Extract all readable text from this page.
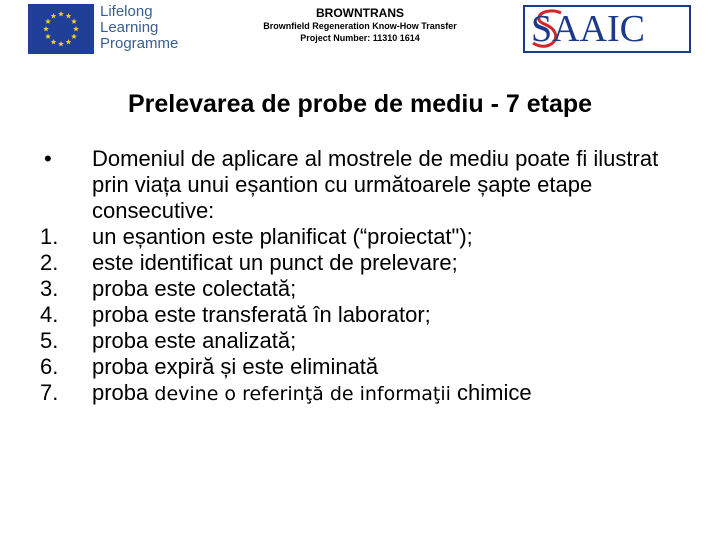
Lifelong
Learning
Programme
BROWNTRANS
Brownfield Regeneration Know-How Transfer
Project Number: 11310 1614	SAAIC
Prelevarea de probe de mediu - 7 etape
•	Domeniul de aplicare al mostrele de mediu poate fi ilustrat prin viața unui eșantion cu următoarele șapte etape consecutive:
1.	un eșantion este planificat (“proiectat");
2.	este identificat un punct de prelevare;
3.	proba este colectată;
4.	proba este transferată în laborator;
5.	proba este analizată;
6.	proba expiră și este eliminată
7.	proba devine o referinţă de informaţii chimice
